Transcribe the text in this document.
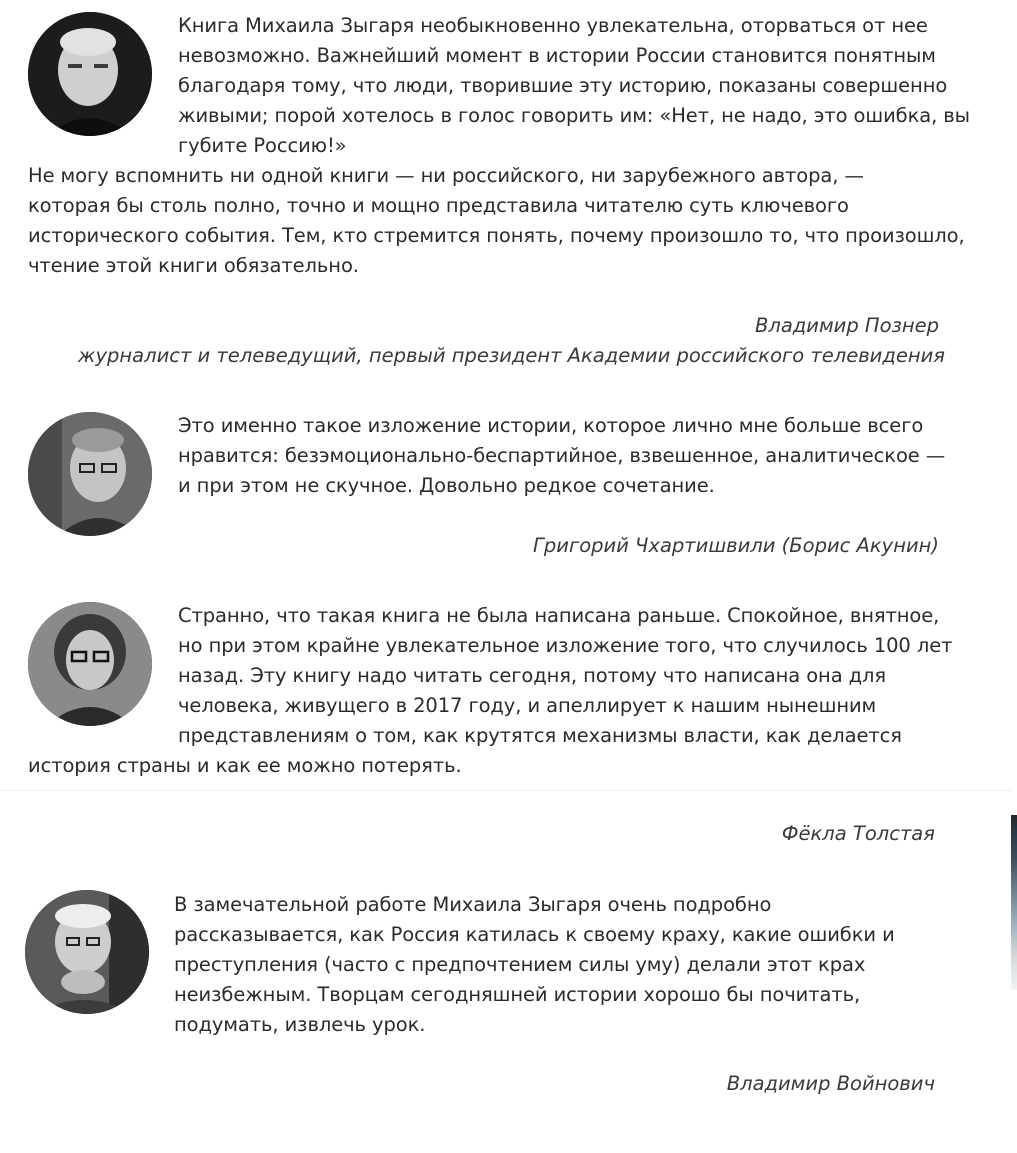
Книга Михаила Зыгаря необыкновенно увлекательна, оторваться от нее
невозможно. Важнейший момент в истории России становится понятным
благодаря тому, что люди, творившие эту историю, показаны совершенно
живыми; порой хотелось в голос говорить им: «Нет, не надо, это ошибка, вы
губите Россию!»
Не могу вспомнить ни одной книги — ни российского, ни зарубежного автора, —
которая бы столь полно, точно и мощно представила читателю суть ключевого
исторического события. Тем, кто стремится понять, почему произошло то, что произошло,
чтение этой книги обязательно.

Владимир Познер

журналист и телеведущий, первый президент Академии российского телевидения

Это именно такое изложение истории, которое лично мне больше всего
нравится: безэмоционально-беспартийное, взвешенное, аналитическое —
и при этом не скучное. Довольно редкое сочетание.

Григорий Чхартишвили (Борис Акунин)

Странно, что такая книга не была написана раньше. Спокойное, внятное,
но при этом крайне увлекательное изложение того, что случилось 100 лет
назад. Эту книгу надо читать сегодня, потому что написана она для
человека, живущего в 2017 году, и апеллирует к нашим нынешним
представлениям о том, как крутятся механизмы власти, как делается
история страны и как ее можно потерять.

Фёкла Толстая

В замечательной работе Михаила Зыгаря очень подробно
рассказывается, как Россия катилась к своему краху, какие ошибки и
преступления (часто с предпочтением силы уму) делали этот крах
неизбежным. Творцам сегодняшней истории хорошо бы почитать,
подумать, извлечь урок.

Владимир Войнович
